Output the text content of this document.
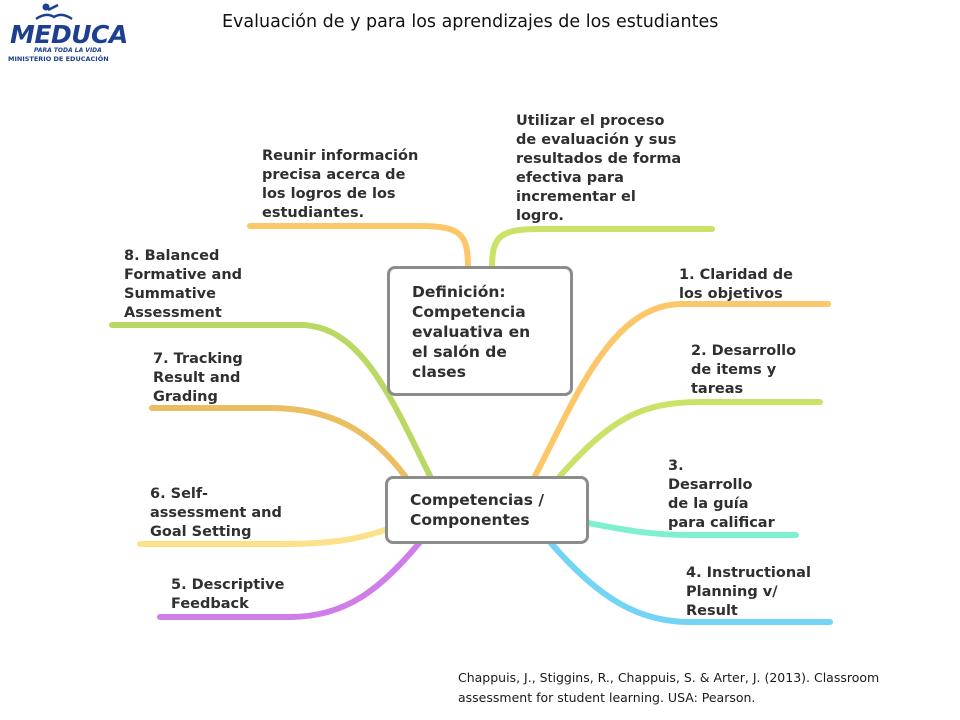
MEDUCA
PARA TODA LA VIDA
MINISTERIO DE EDUCACIÓN
Evaluación de y para los aprendizajes de los estudiantes
Definición:
Competencia
evaluativa en
el salón de
clases
Competencias /
Componentes
Reunir información
precisa acerca de
los logros de los
estudiantes.
Utilizar el proceso
de evaluación y sus
resultados de forma
efectiva para
incrementar el
logro.
1. Claridad de
los objetivos
2. Desarrollo
de items y
tareas
3.
Desarrollo
de la guía
para calificar
4. Instructional
Planning v/
Result
5. Descriptive
Feedback
6. Self-
assessment and
Goal Setting
7. Tracking
Result and
Grading
8. Balanced
Formative and
Summative
Assessment
Chappuis, J., Stiggins, R., Chappuis, S. & Arter, J. (2013). Classroom
assessment for student learning. USA: Pearson.
